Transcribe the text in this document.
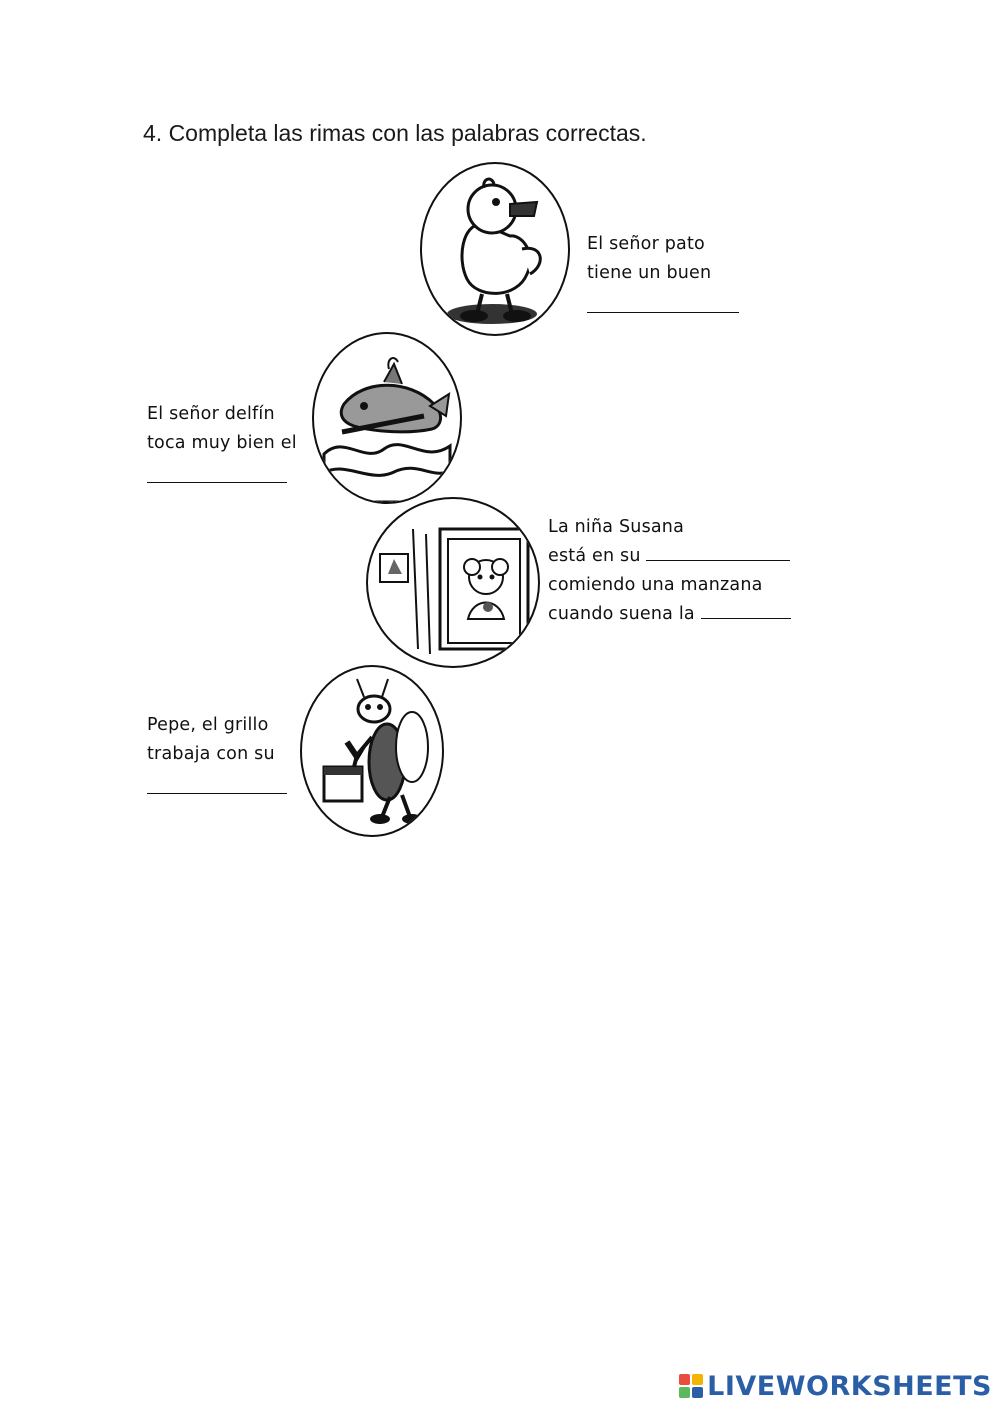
4. Completa las rimas con las palabras correctas.
El señor pato
tiene un buen
El señor delfín
toca muy bien el
La niña Susana
está en su
comiendo una manzana
cuando suena la
Pepe, el grillo
trabaja con su
LIVEWORKSHEETS
